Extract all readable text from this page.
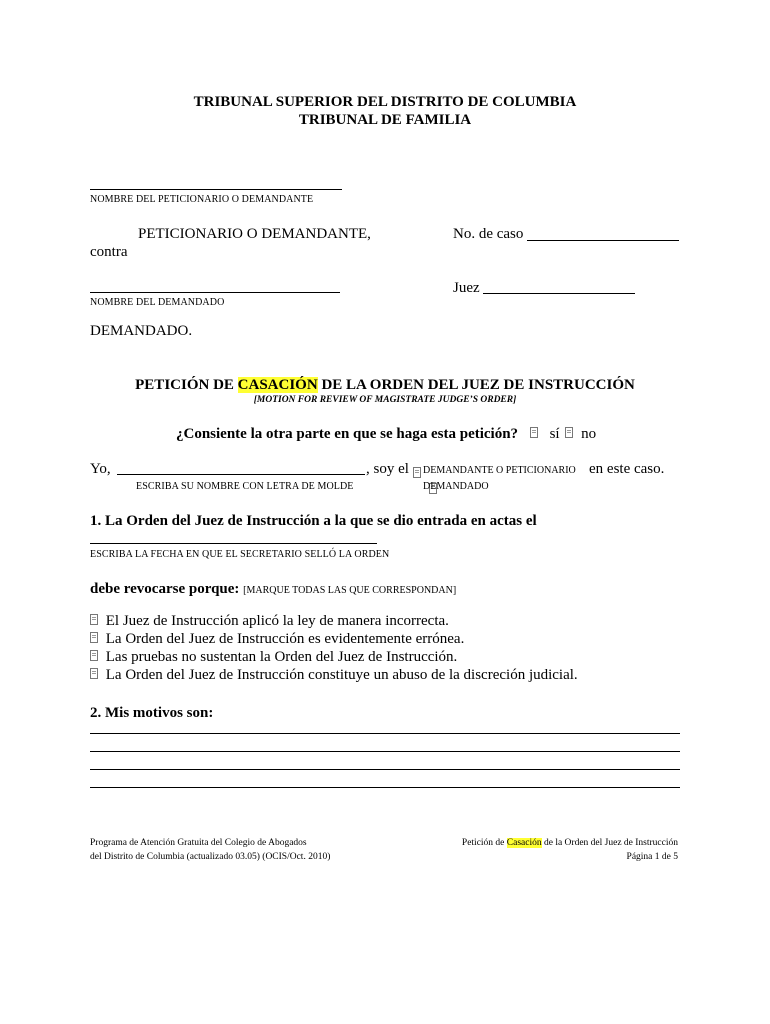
TRIBUNAL SUPERIOR DEL DISTRITO DE COLUMBIA
TRIBUNAL DE FAMILIA
NOMBRE DEL PETICIONARIO O DEMANDANTE
PETICIONARIO O DEMANDANTE,
contra
No. de caso
NOMBRE DEL DEMANDADO
Juez
DEMANDADO.
PETICIÓN DE CASACIÓN DE LA ORDEN DEL JUEZ DE INSTRUCCIÓN
[MOTION FOR REVIEW OF MAGISTRATE JUDGE’S ORDER]
¿Consiente la otra parte en que se haga esta petición? sí no
Yo,	, soy el
DEMANDANTE O PETICIONARIO en este caso.
ESCRIBA SU NOMBRE CON LETRA DE MOLDE	DEMANDADO
1. La Orden del Juez de Instrucción a la que se dio entrada en actas el
ESCRIBA LA FECHA EN QUE EL SECRETARIO SELLÓ LA ORDEN
debe revocarse porque: [MARQUE TODAS LAS QUE CORRESPONDAN]
El Juez de Instrucción aplicó la ley de manera incorrecta.
La Orden del Juez de Instrucción es evidentemente errónea.
Las pruebas no sustentan la Orden del Juez de Instrucción.
La Orden del Juez de Instrucción constituye un abuso de la discreción judicial.
2. Mis motivos son:
Programa de Atención Gratuita del Colegio de Abogados
del Distrito de Columbia (actualizado 03.05) (OCIS/Oct. 2010)
Petición de Casación de la Orden del Juez de Instrucción
Página 1 de 5
